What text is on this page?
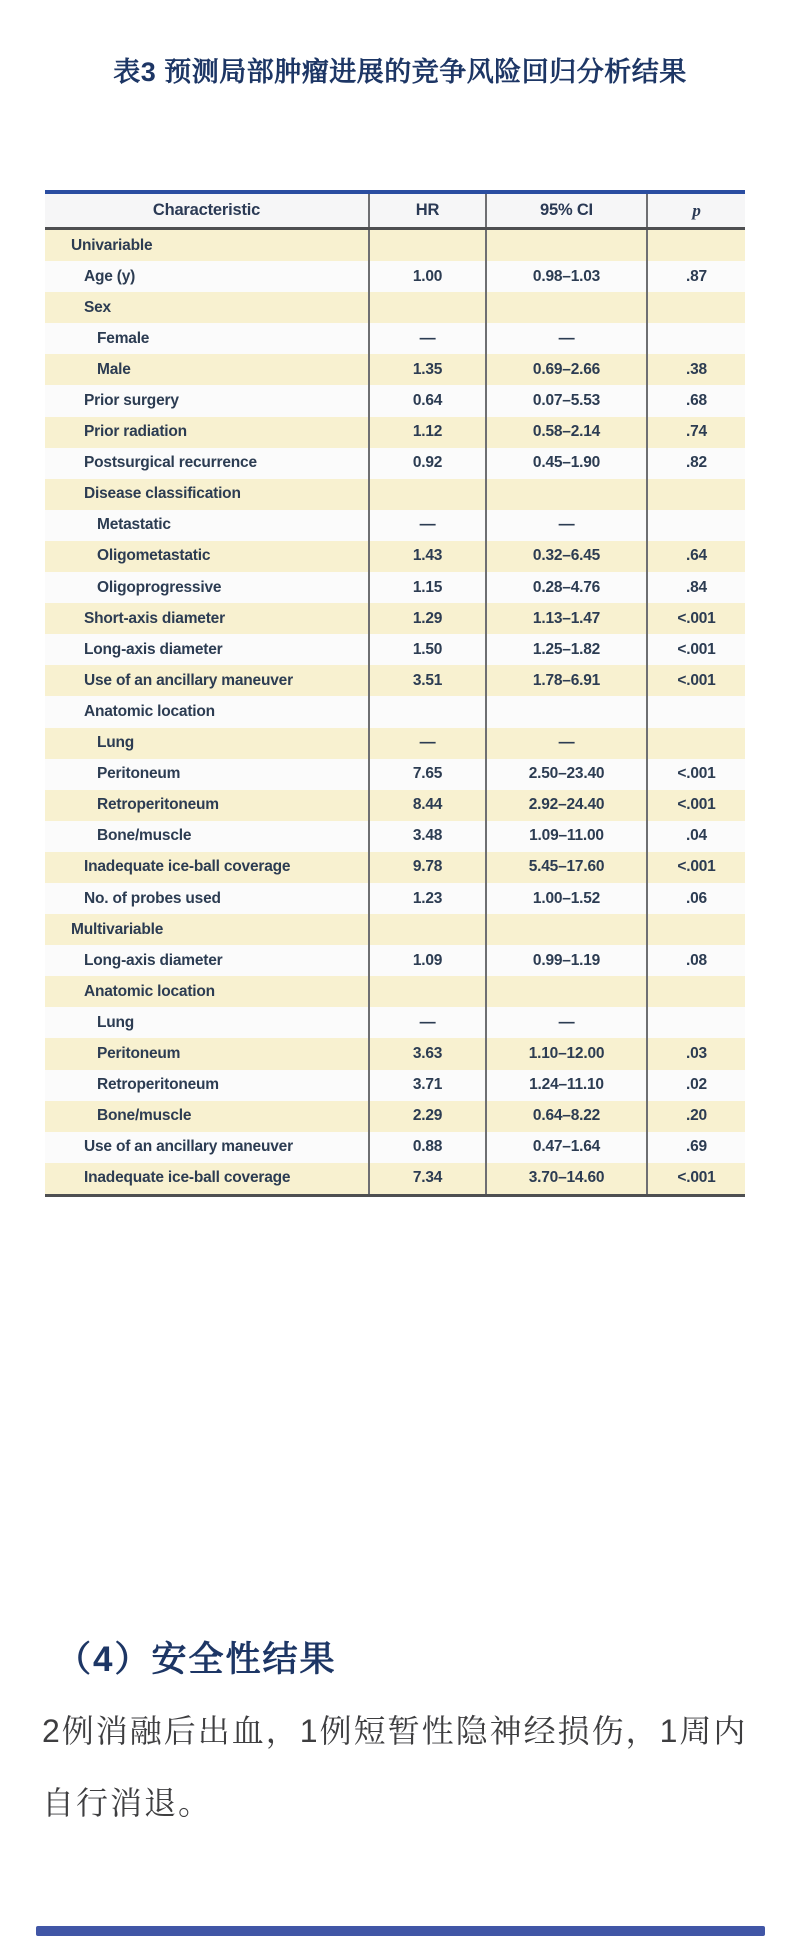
表3 预测局部肿瘤进展的竞争风险回归分析结果
Characteristic	HR	95% CI	p
Univariable
Age (y)	1.00	0.98–1.03	.87
Sex
Female	—	—
Male	1.35	0.69–2.66	.38
Prior surgery	0.64	0.07–5.53	.68
Prior radiation	1.12	0.58–2.14	.74
Postsurgical recurrence	0.92	0.45–1.90	.82
Disease classification
Metastatic	—	—
Oligometastatic	1.43	0.32–6.45	.64
Oligoprogressive	1.15	0.28–4.76	.84
Short-axis diameter	1.29	1.13–1.47	<.001
Long-axis diameter	1.50	1.25–1.82	<.001
Use of an ancillary maneuver	3.51	1.78–6.91	<.001
Anatomic location
Lung	—	—
Peritoneum	7.65	2.50–23.40	<.001
Retroperitoneum	8.44	2.92–24.40	<.001
Bone/muscle	3.48	1.09–11.00	.04
Inadequate ice-ball coverage	9.78	5.45–17.60	<.001
No. of probes used	1.23	1.00–1.52	.06
Multivariable
Long-axis diameter	1.09	0.99–1.19	.08
Anatomic location
Lung	—	—
Peritoneum	3.63	1.10–12.00	.03
Retroperitoneum	3.71	1.24–11.10	.02
Bone/muscle	2.29	0.64–8.22	.20
Use of an ancillary maneuver	0.88	0.47–1.64	.69
Inadequate ice-ball coverage	7.34	3.70–14.60	<.001
（4）安全性结果
2例消融后出血，1例短暂性隐神经损伤，1周内
自行消退。
